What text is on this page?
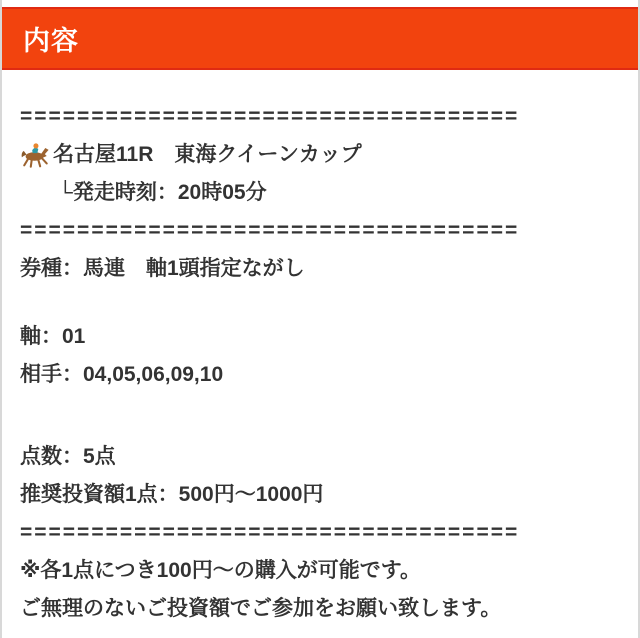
内容
===================================
名古屋11R　東海クイーンカップ
└発走時刻：20時05分
===================================
券種：馬連　軸1頭指定ながし
軸：01
相手：04,05,06,09,10
点数：5点
推奨投資額1点：500円〜1000円
===================================
※各1点につき100円〜の購入が可能です。
ご無理のないご投資額でご参加をお願い致します。
